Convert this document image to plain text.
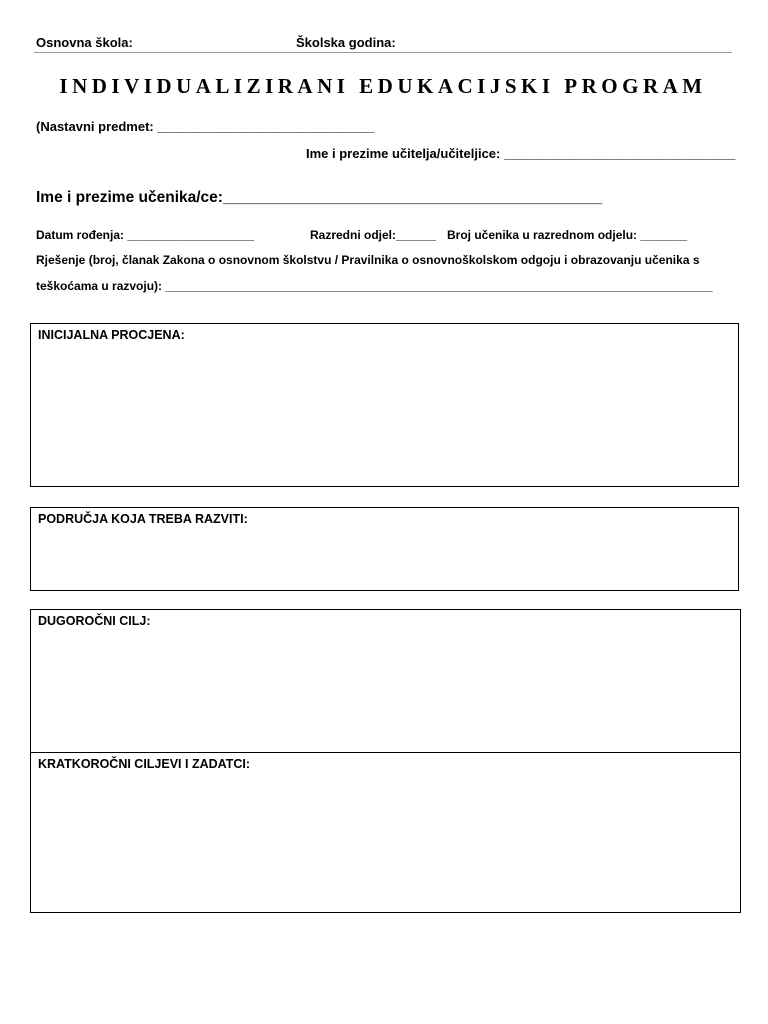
Osnovna škola:	Školska godina:
INDIVIDUALIZIRANI EDUKACIJSKI PROGRAM
(Nastavni predmet: ______________________________
Ime i prezime učitelja/učiteljice: ________________________________
Ime i prezime učenika/ce:____________________________________________
Datum rođenja: ___________________	Razredni odjel:______ Broj učenika u razrednom odjelu: _______
Rješenje (broj, članak Zakona o osnovnom školstvu / Pravilnika o osnovnoškolskom odgoju i obrazovanju učenika s
teškoćama u razvoju): __________________________________________________________________________________
INICIJALNA PROCJENA:
PODRUČJA KOJA TREBA RAZVITI:
DUGOROČNI CILJ:
KRATKOROČNI CILJEVI I ZADATCI:
